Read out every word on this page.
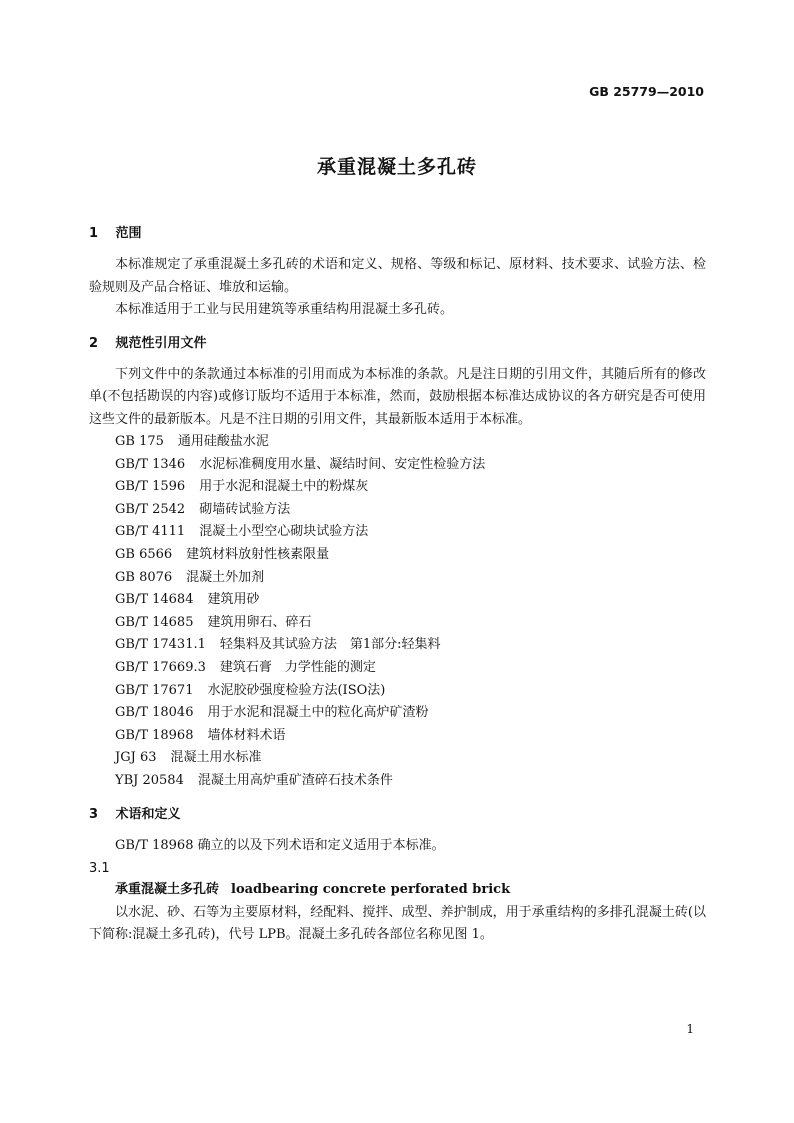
GB 25779—2010
承重混凝土多孔砖
1 范围
本标准规定了承重混凝土多孔砖的术语和定义、规格、等级和标记、原材料、技术要求、试验方法、检验规则及产品合格证、堆放和运输。
本标准适用于工业与民用建筑等承重结构用混凝土多孔砖。
2 规范性引用文件
下列文件中的条款通过本标准的引用而成为本标准的条款。凡是注日期的引用文件，其随后所有的修改单(不包括勘误的内容)或修订版均不适用于本标准，然而，鼓励根据本标准达成协议的各方研究是否可使用这些文件的最新版本。凡是不注日期的引用文件，其最新版本适用于本标准。
GB 175 通用硅酸盐水泥
GB/T 1346 水泥标准稠度用水量、凝结时间、安定性检验方法
GB/T 1596 用于水泥和混凝土中的粉煤灰
GB/T 2542 砌墙砖试验方法
GB/T 4111 混凝土小型空心砌块试验方法
GB 6566 建筑材料放射性核素限量
GB 8076 混凝土外加剂
GB/T 14684 建筑用砂
GB/T 14685 建筑用卵石、碎石
GB/T 17431.1 轻集料及其试验方法　第1部分:轻集料
GB/T 17669.3 建筑石膏　力学性能的测定
GB/T 17671 水泥胶砂强度检验方法(ISO法)
GB/T 18046 用于水泥和混凝土中的粒化高炉矿渣粉
GB/T 18968 墙体材料术语
JGJ 63 混凝土用水标准
YBJ 20584 混凝土用高炉重矿渣碎石技术条件
3 术语和定义
GB/T 18968 确立的以及下列术语和定义适用于本标准。
3.1
承重混凝土多孔砖 loadbearing concrete perforated brick
以水泥、砂、石等为主要原材料，经配料、搅拌、成型、养护制成，用于承重结构的多排孔混凝土砖(以下简称:混凝土多孔砖)，代号 LPB。混凝土多孔砖各部位名称见图 1。
1
